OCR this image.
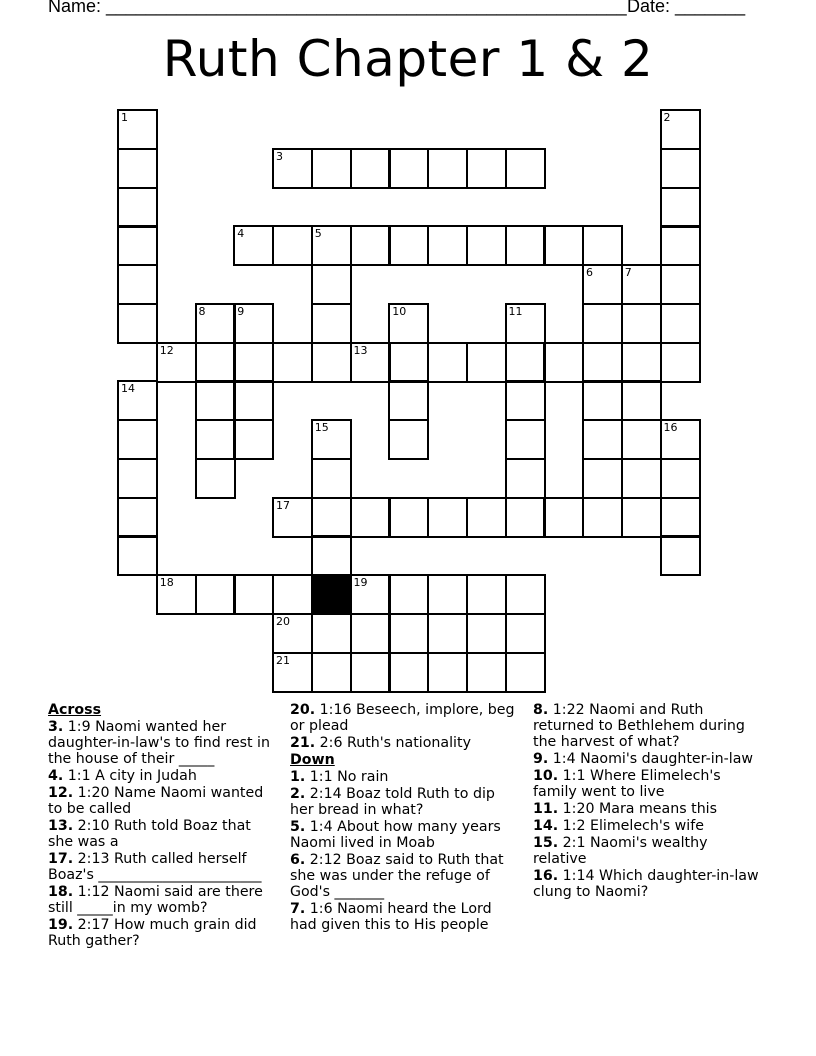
Name: ____________________________________________________ Date: _______
Ruth Chapter 1 & 2
1
14
2
16
3
4	5
6	7
8	9	10	11
12	13
15
17
18	19
20
21
Across
3. 1:9 Naomi wanted her daughter-in-law's to find rest in the house of their _____
4. 1:1 A city in Judah
12. 1:20 Name Naomi wanted to be called
13. 2:10 Ruth told Boaz that she was a
17. 2:13 Ruth called herself Boaz's _______________________
18. 1:12 Naomi said are there still _____in my womb?
19. 2:17 How much grain did Ruth gather?
20. 1:16 Beseech, implore, beg or plead
21. 2:6 Ruth's nationality
Down
1. 1:1 No rain
2. 2:14 Boaz told Ruth to dip her bread in what?
5. 1:4 About how many years Naomi lived in Moab
6. 2:12 Boaz said to Ruth that she was under the refuge of God's _______
7. 1:6 Naomi heard the Lord had given this to His people
8. 1:22 Naomi and Ruth returned to Bethlehem during the harvest of what?
9. 1:4 Naomi's daughter-in-law
10. 1:1 Where Elimelech's family went to live
11. 1:20 Mara means this
14. 1:2 Elimelech's wife
15. 2:1 Naomi's wealthy relative
16. 1:14 Which daughter-in-law clung to Naomi?
